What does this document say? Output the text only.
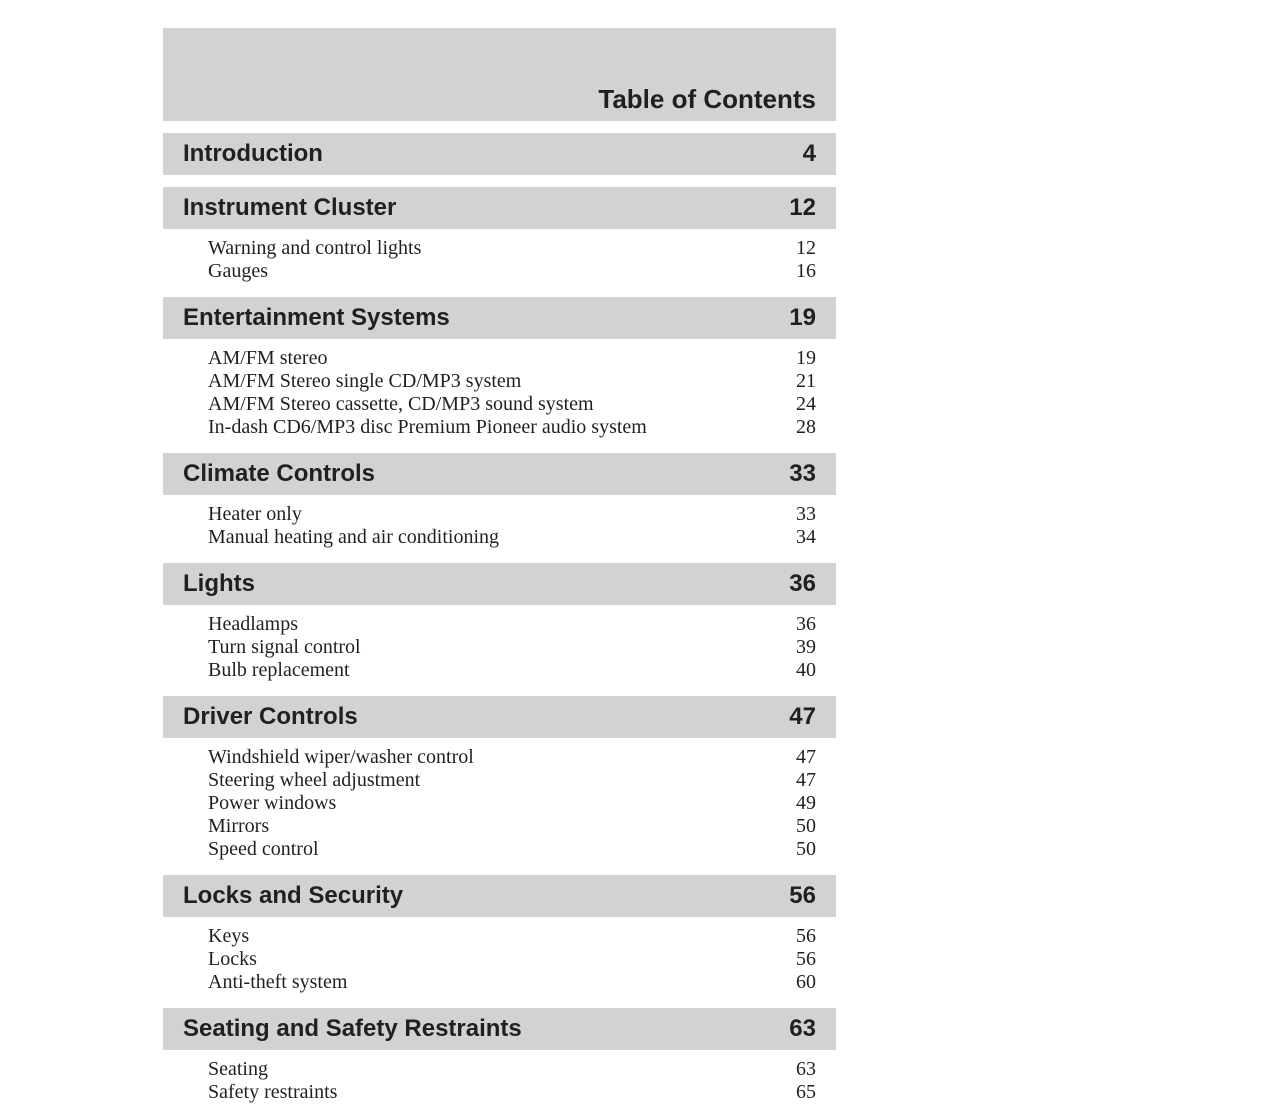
Table of Contents
Introduction	4
Instrument Cluster	12
Warning and control lights	12
Gauges	16
Entertainment Systems	19
AM/FM stereo	19
AM/FM Stereo single CD/MP3 system	21
AM/FM Stereo cassette, CD/MP3 sound system	24
In-dash CD6/MP3 disc Premium Pioneer audio system	28
Climate Controls	33
Heater only	33
Manual heating and air conditioning	34
Lights	36
Headlamps	36
Turn signal control	39
Bulb replacement	40
Driver Controls	47
Windshield wiper/washer control	47
Steering wheel adjustment	47
Power windows	49
Mirrors	50
Speed control	50
Locks and Security	56
Keys	56
Locks	56
Anti-theft system	60
Seating and Safety Restraints	63
Seating	63
Safety restraints	65
